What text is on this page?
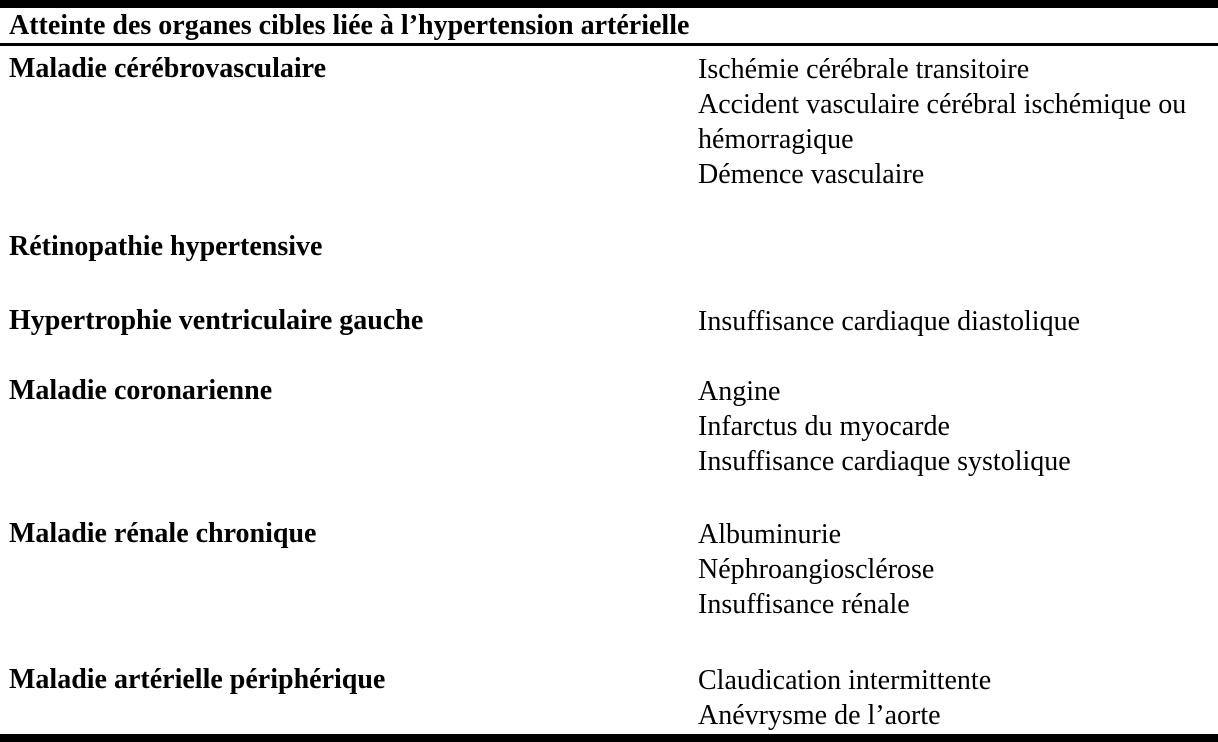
Atteinte des organes cibles liée à l’hypertension artérielle
Maladie cérébrovasculaire	Ischémie cérébrale transitoire
Accident vasculaire cérébral ischémique ou
hémorragique
Démence vasculaire
Rétinopathie hypertensive
Hypertrophie ventriculaire gauche	Insuffisance cardiaque diastolique
Maladie coronarienne	Angine
Infarctus du myocarde
Insuffisance cardiaque systolique
Maladie rénale chronique	Albuminurie
Néphroangiosclérose
Insuffisance rénale
Maladie artérielle périphérique	Claudication intermittente
Anévrysme de l’aorte
